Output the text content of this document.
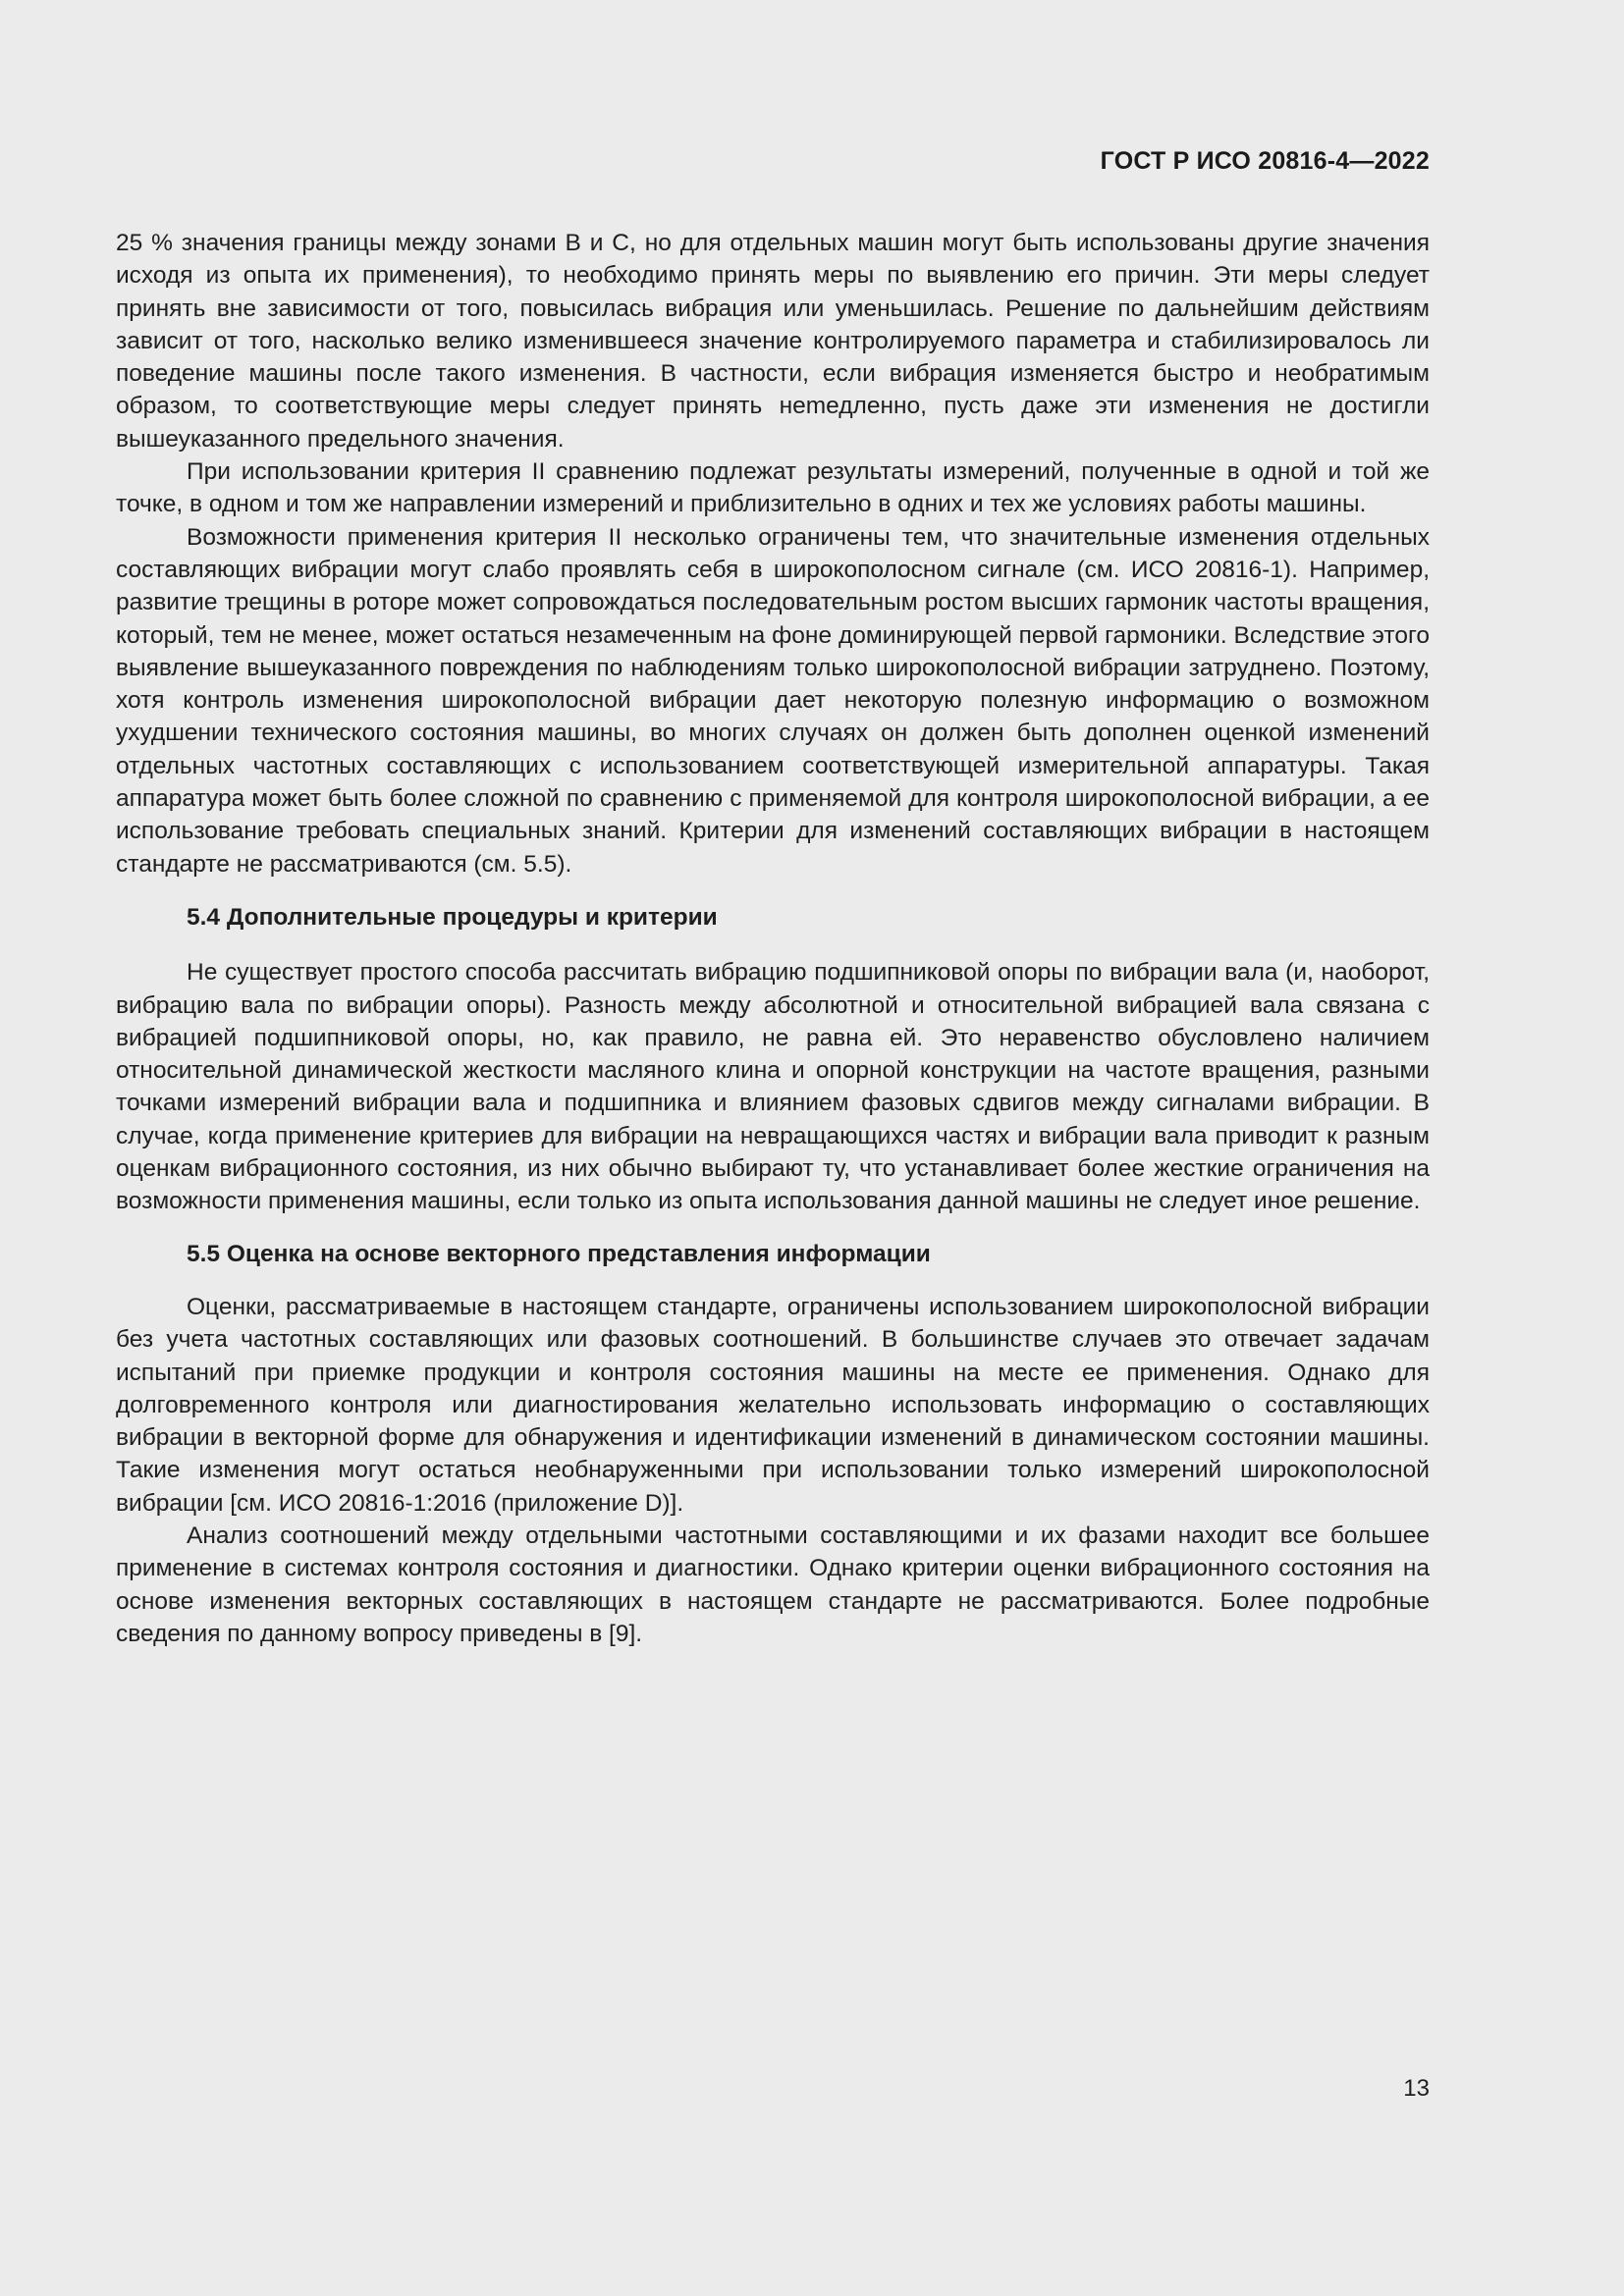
ГОСТ Р ИСО 20816-4—2022

25 % значения границы между зонами В и С, но для отдельных машин могут быть использованы другие значения исходя из опыта их применения), то необходимо принять меры по выявлению его причин. Эти меры следует принять вне зависимости от того, повысилась вибрация или уменьшилась. Решение по дальнейшим действиям зависит от того, насколько велико изменившееся значение контролируемого параметра и стабилизировалось ли поведение машины после такого изменения. В частности, если вибрация изменяется быстро и необратимым образом, то соответствующие меры следует принять неmедленно, пусть даже эти изменения не достигли вышеуказанного предельного значения.

При использовании критерия II сравнению подлежат результаты измерений, полученные в одной и той же точке, в одном и том же направлении измерений и приблизительно в одних и тех же условиях работы машины.

Возможности применения критерия II несколько ограничены тем, что значительные изменения отдельных составляющих вибрации могут слабо проявлять себя в широкополосном сигнале (см. ИСО 20816-1). Например, развитие трещины в роторе может сопровождаться последовательным ростом высших гармоник частоты вращения, который, тем не менее, может остаться незамеченным на фоне доминирующей первой гармоники. Вследствие этого выявление вышеуказанного повреждения по наблюдениям только широкополосной вибрации затруднено. Поэтому, хотя контроль изменения широкополосной вибрации дает некоторую полезную информацию о возможном ухудшении технического состояния машины, во многих случаях он должен быть дополнен оценкой изменений отдельных частотных составляющих с использованием соответствующей измерительной аппаратуры. Такая аппаратура может быть более сложной по сравнению с применяемой для контроля широкополосной вибрации, а ее использование требовать специальных знаний. Критерии для изменений составляющих вибрации в настоящем стандарте не рассматриваются (см. 5.5).

5.4 Дополнительные процедуры и критерии

Не существует простого способа рассчитать вибрацию подшипниковой опоры по вибрации вала (и, наоборот, вибрацию вала по вибрации опоры). Разность между абсолютной и относительной вибрацией вала связана с вибрацией подшипниковой опоры, но, как правило, не равна ей. Это неравенство обусловлено наличием относительной динамической жесткости масляного клина и опорной конструкции на частоте вращения, разными точками измерений вибрации вала и подшипника и влиянием фазовых сдвигов между сигналами вибрации. В случае, когда применение критериев для вибрации на невращающихся частях и вибрации вала приводит к разным оценкам вибрационного состояния, из них обычно выбирают ту, что устанавливает более жесткие ограничения на возможности применения машины, если только из опыта использования данной машины не следует иное решение.

5.5 Оценка на основе векторного представления информации

Оценки, рассматриваемые в настоящем стандарте, ограничены использованием широкополосной вибрации без учета частотных составляющих или фазовых соотношений. В большинстве случаев это отвечает задачам испытаний при приемке продукции и контроля состояния машины на месте ее применения. Однако для долговременного контроля или диагностирования желательно использовать информацию о составляющих вибрации в векторной форме для обнаружения и идентификации изменений в динамическом состоянии машины. Такие изменения могут остаться необнаруженными при использовании только измерений широкополосной вибрации [см. ИСО 20816-1:2016 (приложение D)].

Анализ соотношений между отдельными частотными составляющими и их фазами находит все большее применение в системах контроля состояния и диагностики. Однако критерии оценки вибрационного состояния на основе изменения векторных составляющих в настоящем стандарте не рассматриваются. Более подробные сведения по данному вопросу приведены в [9].

13
